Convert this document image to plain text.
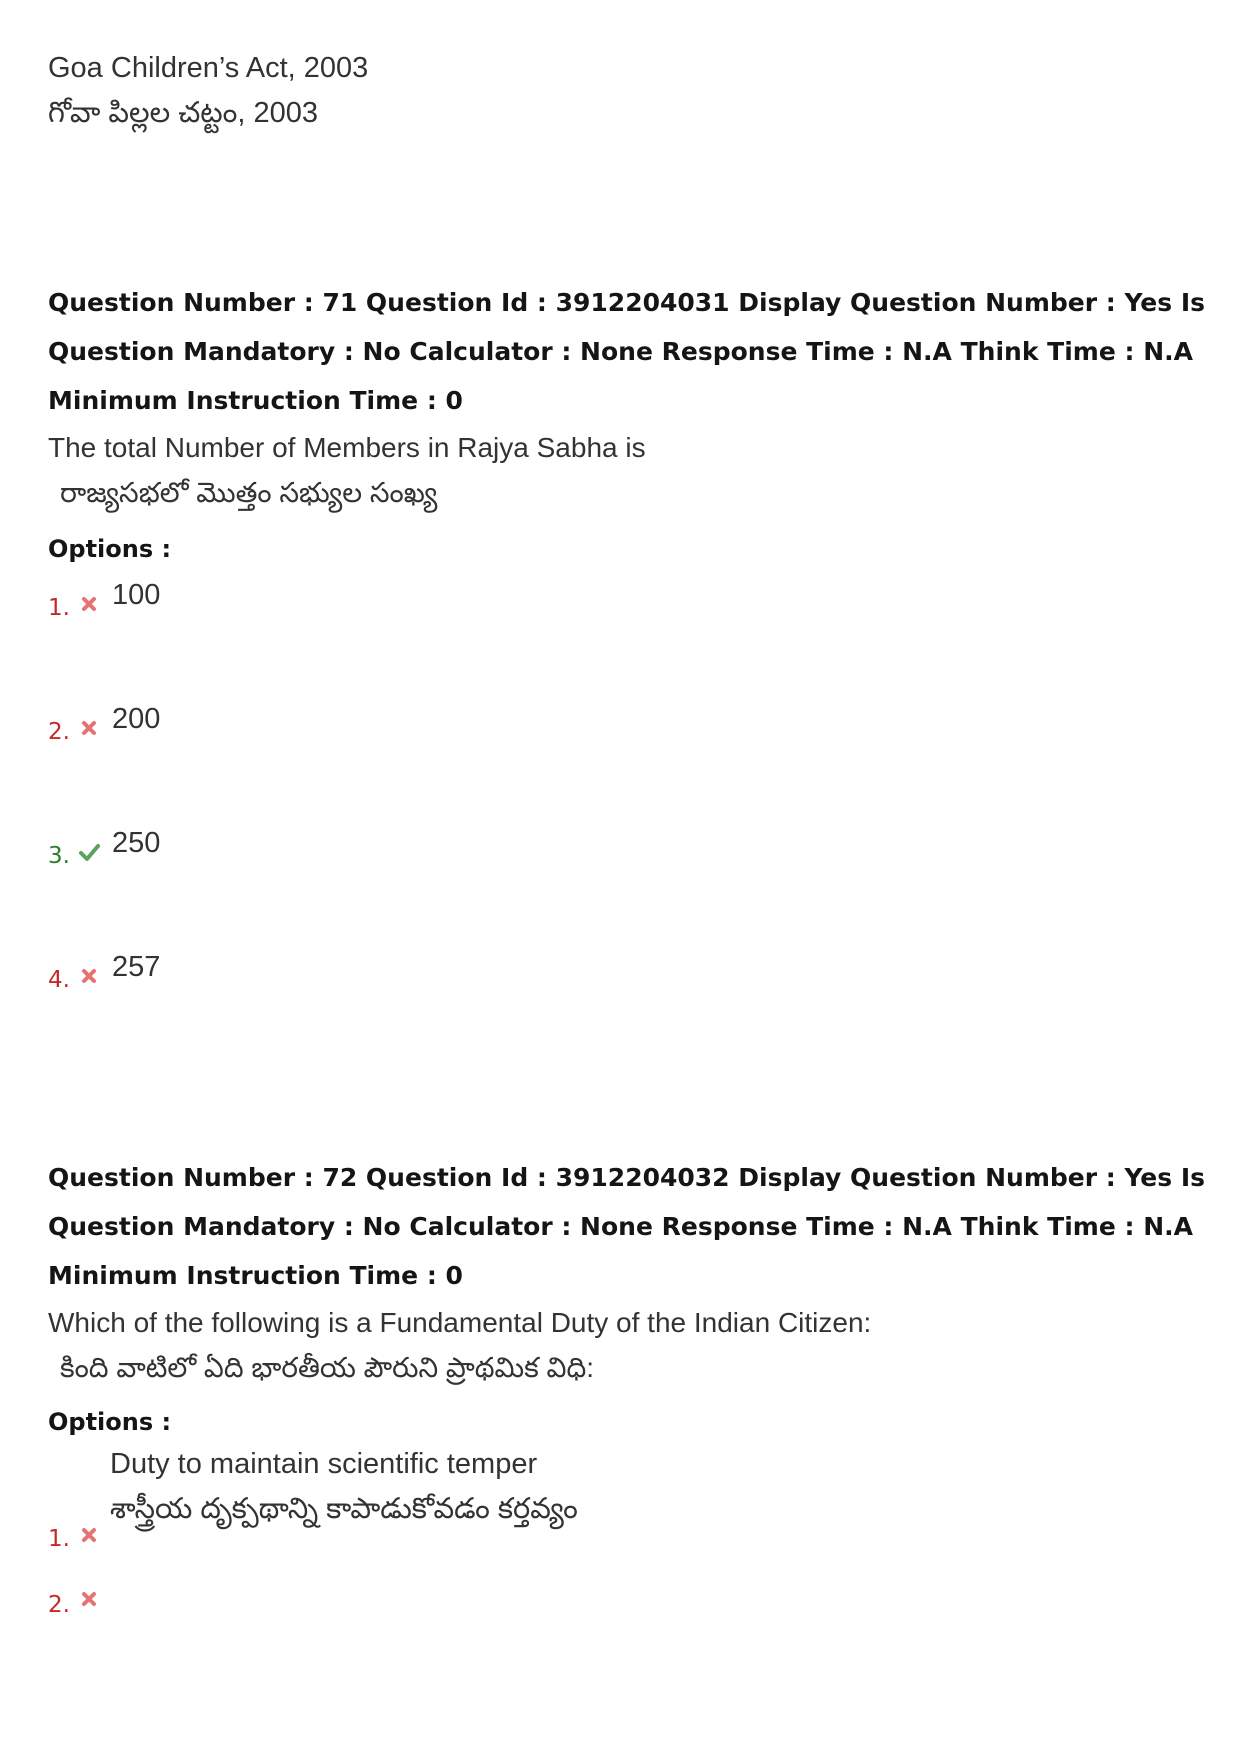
Goa Children’s Act, 2003
గోవా పిల్లల చట్టం, 2003
Question Number : 71 Question Id : 3912204031 Display Question Number : Yes Is Question Mandatory : No Calculator : None Response Time : N.A Think Time : N.A Minimum Instruction Time : 0
The total Number of Members in Rajya Sabha is
రాజ్యసభలో మొత్తం సభ్యుల సంఖ్య
Options :
1. 100
2. 200
3. 250
4. 257
Question Number : 72 Question Id : 3912204032 Display Question Number : Yes Is Question Mandatory : No Calculator : None Response Time : N.A Think Time : N.A Minimum Instruction Time : 0
Which of the following is a Fundamental Duty of the Indian Citizen:
కింది వాటిలో ఏది భారతీయ పౌరుని ప్రాథమిక విధి:
Options :
Duty to maintain scientific temper
శాస్త్రీయ దృక్పథాన్ని కాపాడుకోవడం కర్తవ్యం
1.
2.
